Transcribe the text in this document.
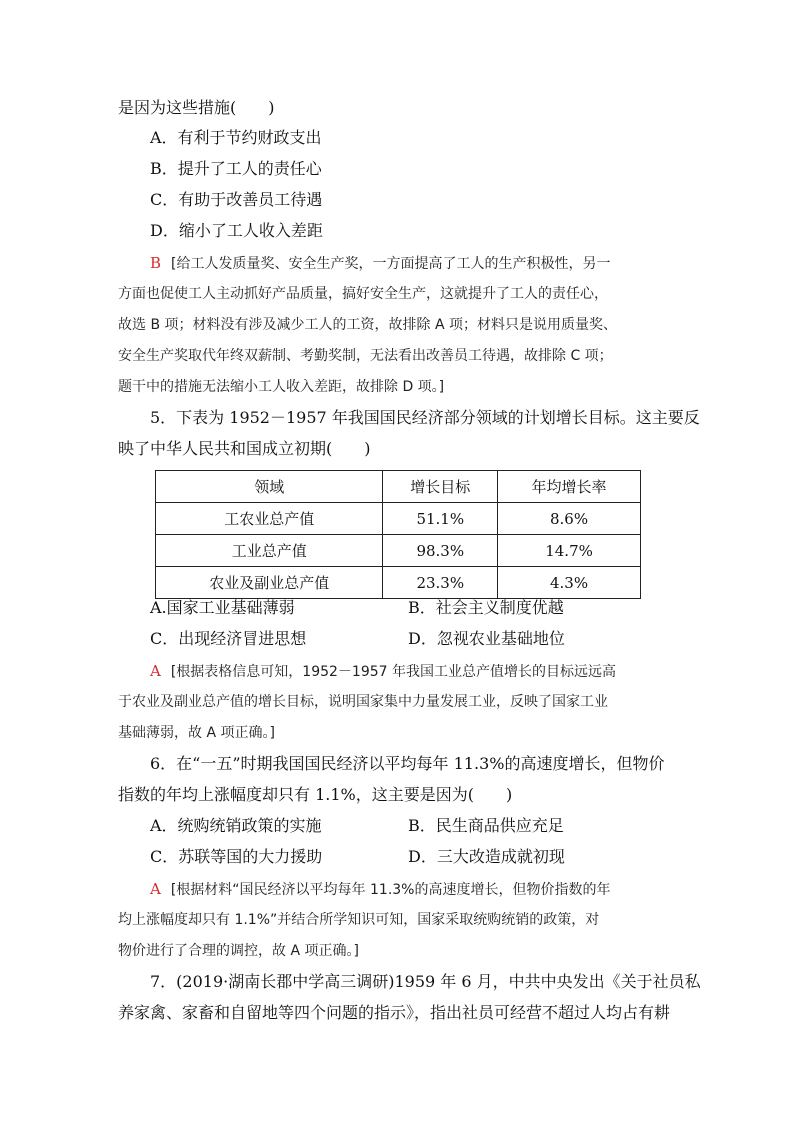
是因为这些措施(　　)
A．有利于节约财政支出
B．提升了工人的责任心
C．有助于改善员工待遇
D．缩小了工人收入差距
B [给工人发质量奖、安全生产奖，一方面提高了工人的生产积极性，另一
方面也促使工人主动抓好产品质量，搞好安全生产，这就提升了工人的责任心，
故选 B 项；材料没有涉及减少工人的工资，故排除 A 项；材料只是说用质量奖、
安全生产奖取代年终双薪制、考勤奖制，无法看出改善员工待遇，故排除 C 项；
题干中的措施无法缩小工人收入差距，故排除 D 项。]
5．下表为 1952－1957 年我国国民经济部分领域的计划增长目标。这主要反
映了中华人民共和国成立初期(　　)
领域	增长目标	年均增长率
工农业总产值	51.1%	8.6%
工业总产值	98.3%	14.7%
农业及副业总产值	23.3%	4.3%
A.国家工业基础薄弱	B．社会主义制度优越
C．出现经济冒进思想	D．忽视农业基础地位
A [根据表格信息可知，1952－1957 年我国工业总产值增长的目标远远高
于农业及副业总产值的增长目标，说明国家集中力量发展工业，反映了国家工业
基础薄弱，故 A 项正确。]
6．在“一五”时期我国国民经济以平均每年 11.3%的高速度增长，但物价
指数的年均上涨幅度却只有 1.1%，这主要是因为(　　)
A．统购统销政策的实施	B．民生商品供应充足
C．苏联等国的大力援助	D．三大改造成就初现
A [根据材料“国民经济以平均每年 11.3%的高速度增长，但物价指数的年
均上涨幅度却只有 1.1%”并结合所学知识可知，国家采取统购统销的政策，对
物价进行了合理的调控，故 A 项正确。]
7．(2019·湖南长郡中学高三调研)1959 年 6 月，中共中央发出《关于社员私
养家禽、家畜和自留地等四个问题的指示》，指出社员可经营不超过人均占有耕
